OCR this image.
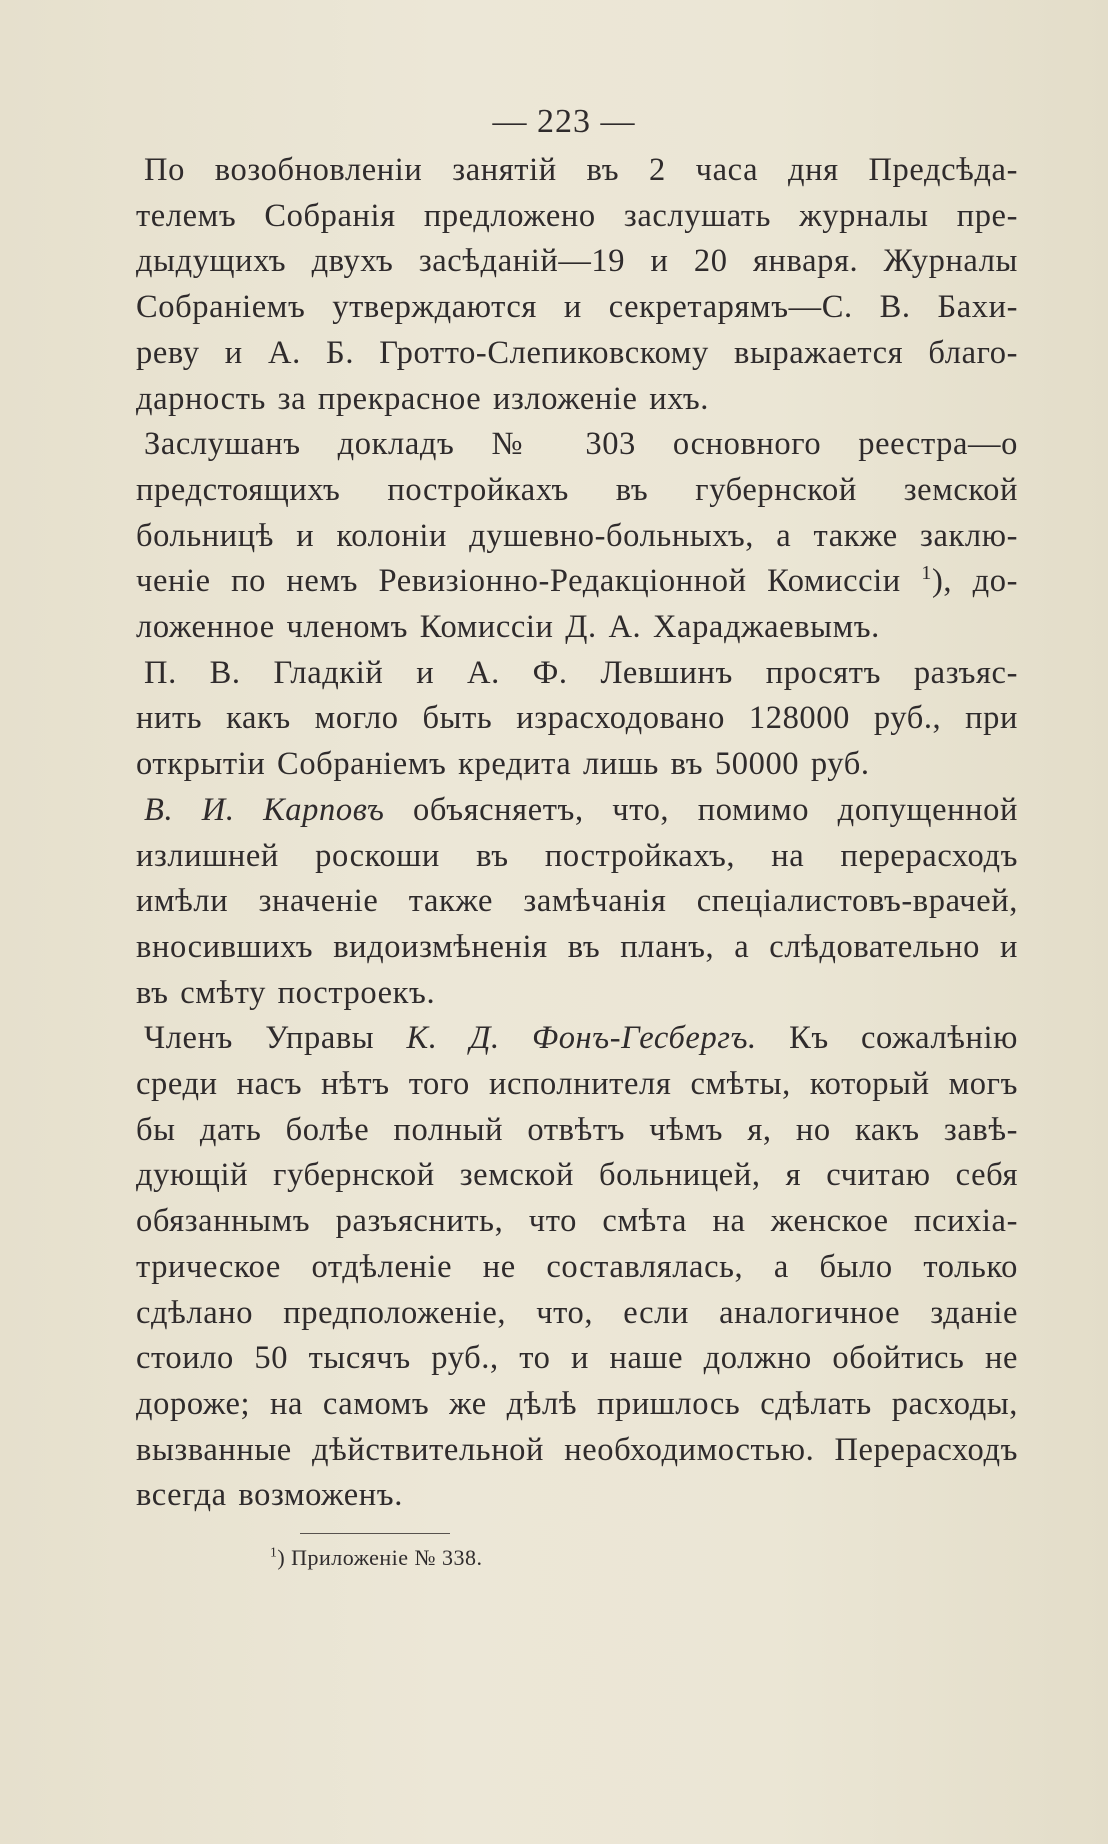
— 223 —
По возобновленіи занятій въ 2 часа дня Предсѣда-
телемъ Собранія предложено заслушать журналы пре-
дыдущихъ двухъ засѣданій—19 и 20 января. Журналы
Собраніемъ утверждаются и секретарямъ—С. В. Бахи-
реву и А. Б. Гротто-Слепиковскому выражается благо-
дарность за прекрасное изложеніе ихъ.
Заслушанъ докладъ № 303 основного реестра—о
предстоящихъ постройкахъ въ губернской земской
больницѣ и колоніи душевно-больныхъ, а также заклю-
ченіе по немъ Ревизіонно-Редакціонной Комиссіи $^1$), до-
ложенное членомъ Комиссіи Д. А. Хараджаевымъ.
П. В. Гладкій и А. Ф. Левшинъ просятъ разъяс-
нить какъ могло быть израсходовано 128000 руб., при
открытіи Собраніемъ кредита лишь въ 50000 руб.
В. И. Карповъ объясняетъ, что, помимо допущенной
излишней роскоши въ постройкахъ, на перерасходъ
имѣли значеніе также замѣчанія спеціалистовъ-врачей,
вносившихъ видоизмѣненія въ планъ, а слѣдовательно и
въ смѣту построекъ.
Членъ Управы К. Д. Фонъ-Гесбергъ. Къ сожалѣнію
среди насъ нѣтъ того исполнителя смѣты, который могъ
бы дать болѣе полный отвѣтъ чѣмъ я, но какъ завѣ-
дующій губернской земской больницей, я считаю себя
обязаннымъ разъяснить, что смѣта на женское психіа-
трическое отдѣленіе не составлялась, а было только
сдѣлано предположеніе, что, если аналогичное зданіе
стоило 50 тысячъ руб., то и наше должно обойтись не
дороже; на самомъ же дѣлѣ пришлось сдѣлать расходы,
вызванные дѣйствительной необходимостью. Перерасходъ
всегда возможенъ.
$^1$) Приложеніе № 338.
